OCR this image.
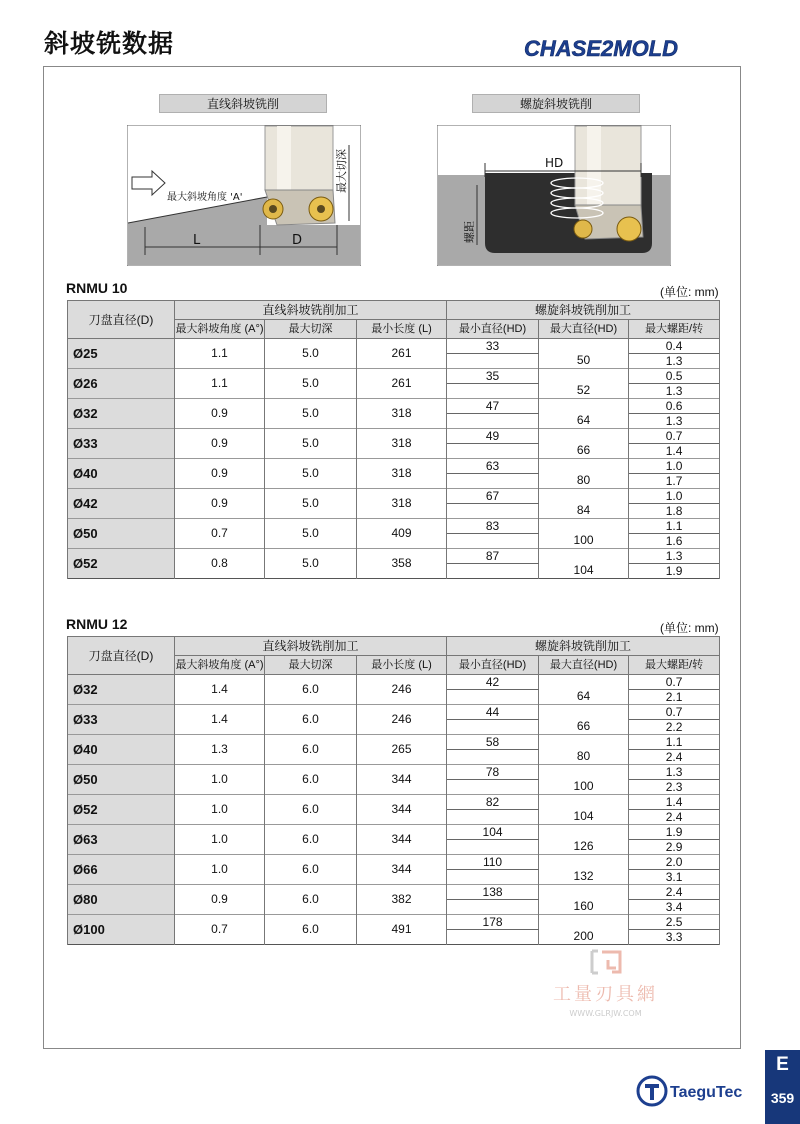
斜坡铣数据	CHASE2MOLD
直线斜坡铣削	螺旋斜坡铣削
最大斜坡角度 'A'
最大切深
L	D
HD
螺距
RNMU 10	(单位: mm)
刀盘直径(D)	直线斜坡铣削加工			螺旋斜坡铣削加工		
	最大斜坡角度 (A°)	最大切深	最小长度 (L)	最小直径(HD)	最大直径(HD)	最大螺距/转
Ø25	1.1	5.0	261	33		0.4
					50	1.3
Ø26	1.1	5.0	261	35		0.5
					52	1.3
Ø32	0.9	5.0	318	47		0.6
					64	1.3
Ø33	0.9	5.0	318	49		0.7
					66	1.4
Ø40	0.9	5.0	318	63		1.0
					80	1.7
Ø42	0.9	5.0	318	67		1.0
					84	1.8
Ø50	0.7	5.0	409	83		1.1
					100	1.6
Ø52	0.8	5.0	358	87		1.3
					104	1.9
RNMU 12	(单位: mm)
刀盘直径(D)	直线斜坡铣削加工			螺旋斜坡铣削加工		
	最大斜坡角度 (A°)	最大切深	最小长度 (L)	最小直径(HD)	最大直径(HD)	最大螺距/转
Ø32	1.4	6.0	246	42		0.7
					64	2.1
Ø33	1.4	6.0	246	44		0.7
					66	2.2
Ø40	1.3	6.0	265	58		1.1
					80	2.4
Ø50	1.0	6.0	344	78		1.3
					100	2.3
Ø52	1.0	6.0	344	82		1.4
					104	2.4
Ø63	1.0	6.0	344	104		1.9
					126	2.9
Ø66	1.0	6.0	344	110		2.0
					132	3.1
Ø80	0.9	6.0	382	138		2.4
					160	3.4
Ø100	0.7	6.0	491	178		2.5
					200	3.3
工量刃具網
WWW.GLRJW.COM
TaeguTec
E
359
